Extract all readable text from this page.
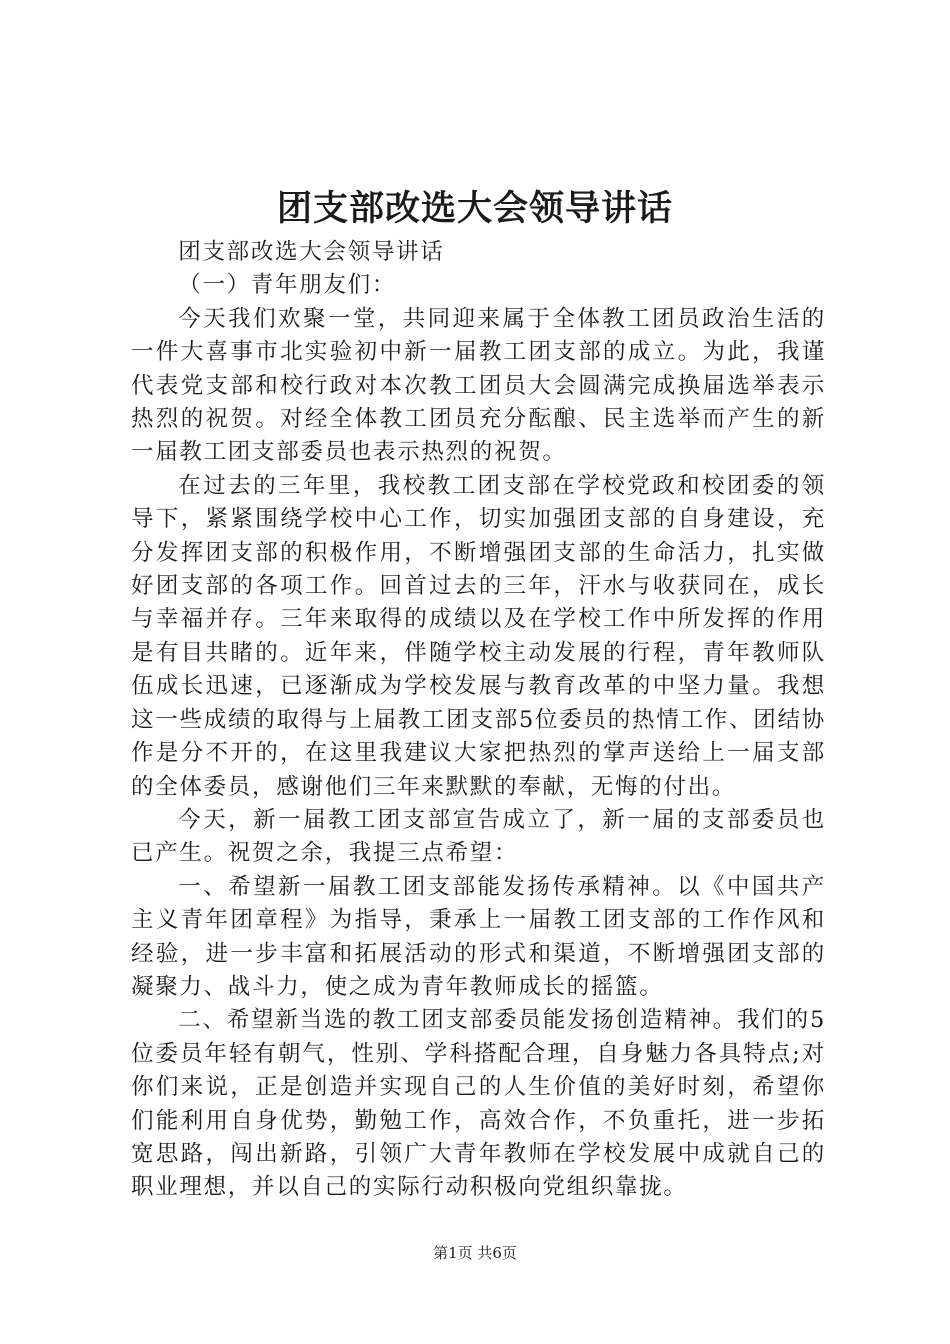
团支部改选大会领导讲话

团支部改选大会领导讲话

（一）青年朋友们：

今天我们欢聚一堂，共同迎来属于全体教工团员政治生活的一件大喜事市北实验初中新一届教工团支部的成立。为此，我谨代表党支部和校行政对本次教工团员大会圆满完成换届选举表示热烈的祝贺。对经全体教工团员充分酝酿、民主选举而产生的新一届教工团支部委员也表示热烈的祝贺。

在过去的三年里，我校教工团支部在学校党政和校团委的领导下，紧紧围绕学校中心工作，切实加强团支部的自身建设，充分发挥团支部的积极作用，不断增强团支部的生命活力，扎实做好团支部的各项工作。回首过去的三年，汗水与收获同在，成长与幸福并存。三年来取得的成绩以及在学校工作中所发挥的作用是有目共睹的。近年来，伴随学校主动发展的行程，青年教师队伍成长迅速，已逐渐成为学校发展与教育改革的中坚力量。我想这一些成绩的取得与上届教工团支部5位委员的热情工作、团结协作是分不开的，在这里我建议大家把热烈的掌声送给上一届支部的全体委员，感谢他们三年来默默的奉献，无悔的付出。

今天，新一届教工团支部宣告成立了，新一届的支部委员也已产生。祝贺之余，我提三点希望：

一、希望新一届教工团支部能发扬传承精神。以《中国共产主义青年团章程》为指导，秉承上一届教工团支部的工作作风和经验，进一步丰富和拓展活动的形式和渠道，不断增强团支部的凝聚力、战斗力，使之成为青年教师成长的摇篮。

二、希望新当选的教工团支部委员能发扬创造精神。我们的5位委员年轻有朝气，性别、学科搭配合理，自身魅力各具特点;对你们来说，正是创造并实现自己的人生价值的美好时刻，希望你们能利用自身优势，勤勉工作，高效合作，不负重托，进一步拓宽思路，闯出新路，引领广大青年教师在学校发展中成就自己的职业理想，并以自己的实际行动积极向党组织靠拢。

第1页 共6页
